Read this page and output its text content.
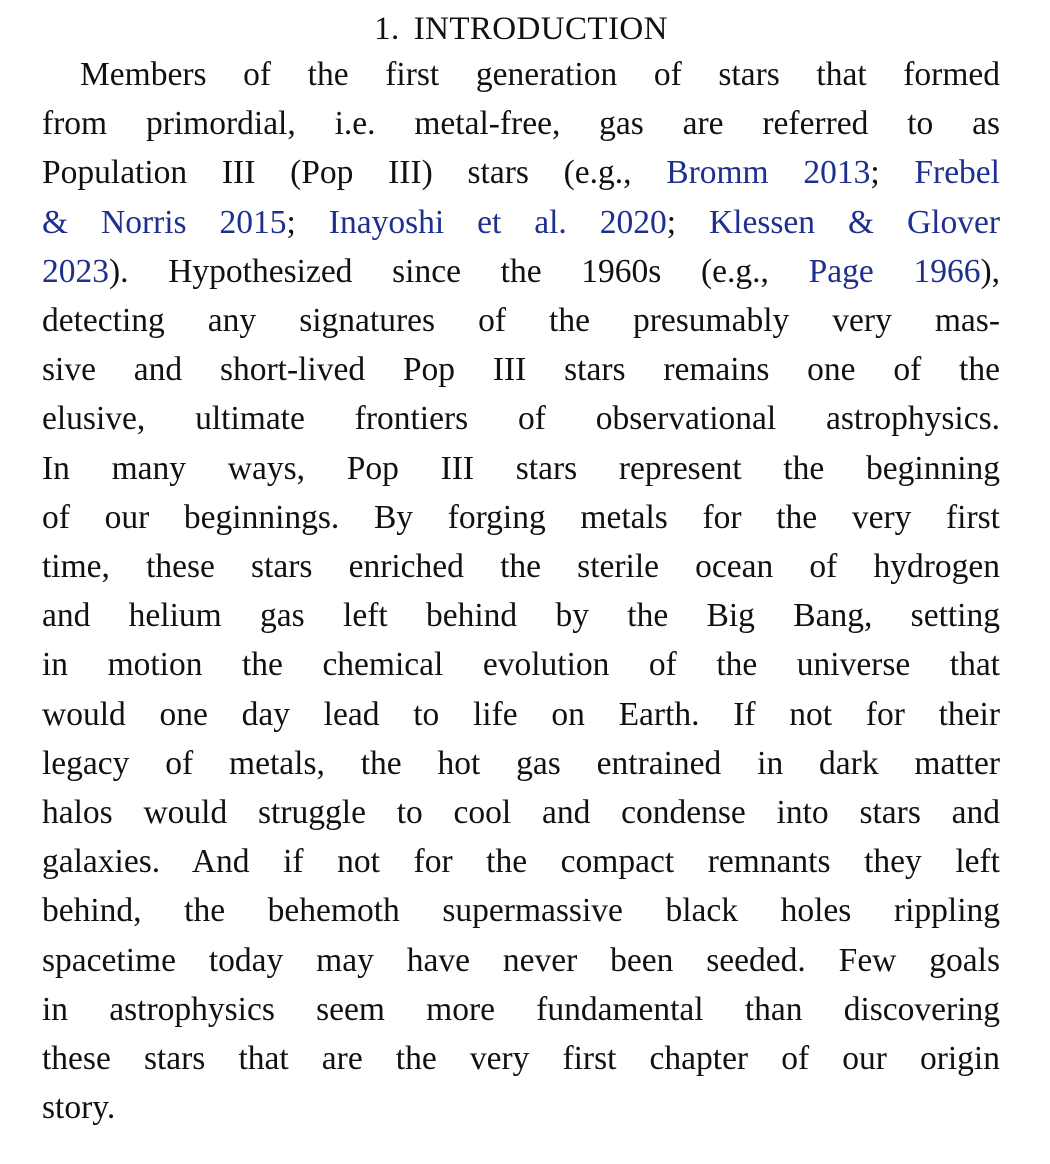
1. INTRODUCTION
Members of the first generation of stars that formed
from primordial, i.e. metal-free, gas are referred to as
Population III (Pop III) stars (e.g., Bromm 2013; Frebel
& Norris 2015; Inayoshi et al. 2020; Klessen & Glover
2023). Hypothesized since the 1960s (e.g., Page 1966),
detecting any signatures of the presumably very mas-
sive and short-lived Pop III stars remains one of the
elusive, ultimate frontiers of observational astrophysics.
In many ways, Pop III stars represent the beginning
of our beginnings. By forging metals for the very first
time, these stars enriched the sterile ocean of hydrogen
and helium gas left behind by the Big Bang, setting
in motion the chemical evolution of the universe that
would one day lead to life on Earth. If not for their
legacy of metals, the hot gas entrained in dark matter
halos would struggle to cool and condense into stars and
galaxies. And if not for the compact remnants they left
behind, the behemoth supermassive black holes rippling
spacetime today may have never been seeded. Few goals
in astrophysics seem more fundamental than discovering
these stars that are the very first chapter of our origin
story.
